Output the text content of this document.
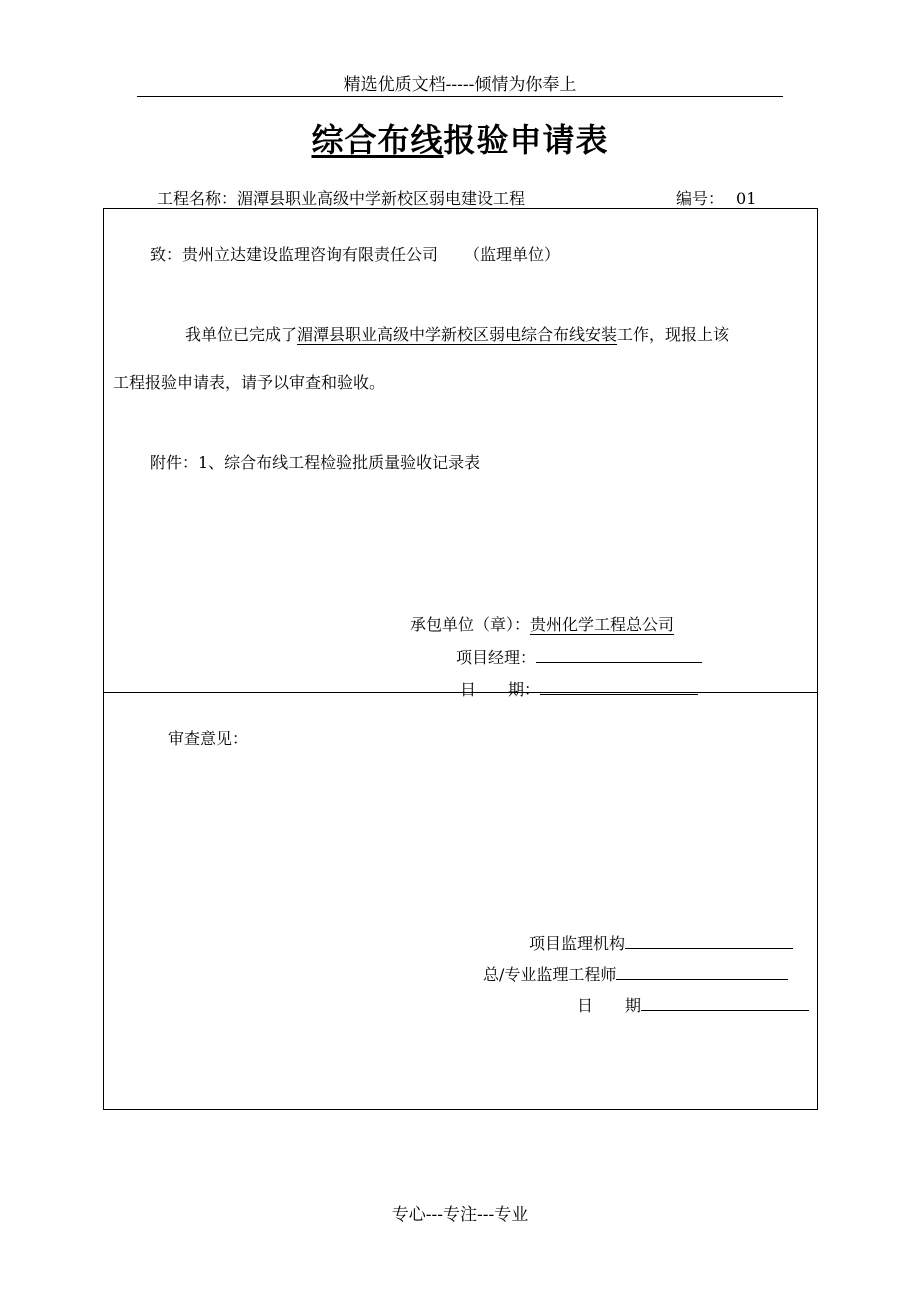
精选优质文档-----倾情为你奉上
综合布线报验申请表
工程名称：湄潭县职业高级中学新校区弱电建设工程	编号： 01
致：贵州立达建设监理咨询有限责任公司 （监理单位）
我单位已完成了湄潭县职业高级中学新校区弱电综合布线安装工作，现报上该
工程报验申请表，请予以审查和验收。
附件：1、综合布线工程检验批质量验收记录表
承包单位（章）：贵州化学工程总公司
项目经理：
日　　期：
审查意见：
项目监理机构
总/专业监理工程师
日　　期
专心---专注---专业
